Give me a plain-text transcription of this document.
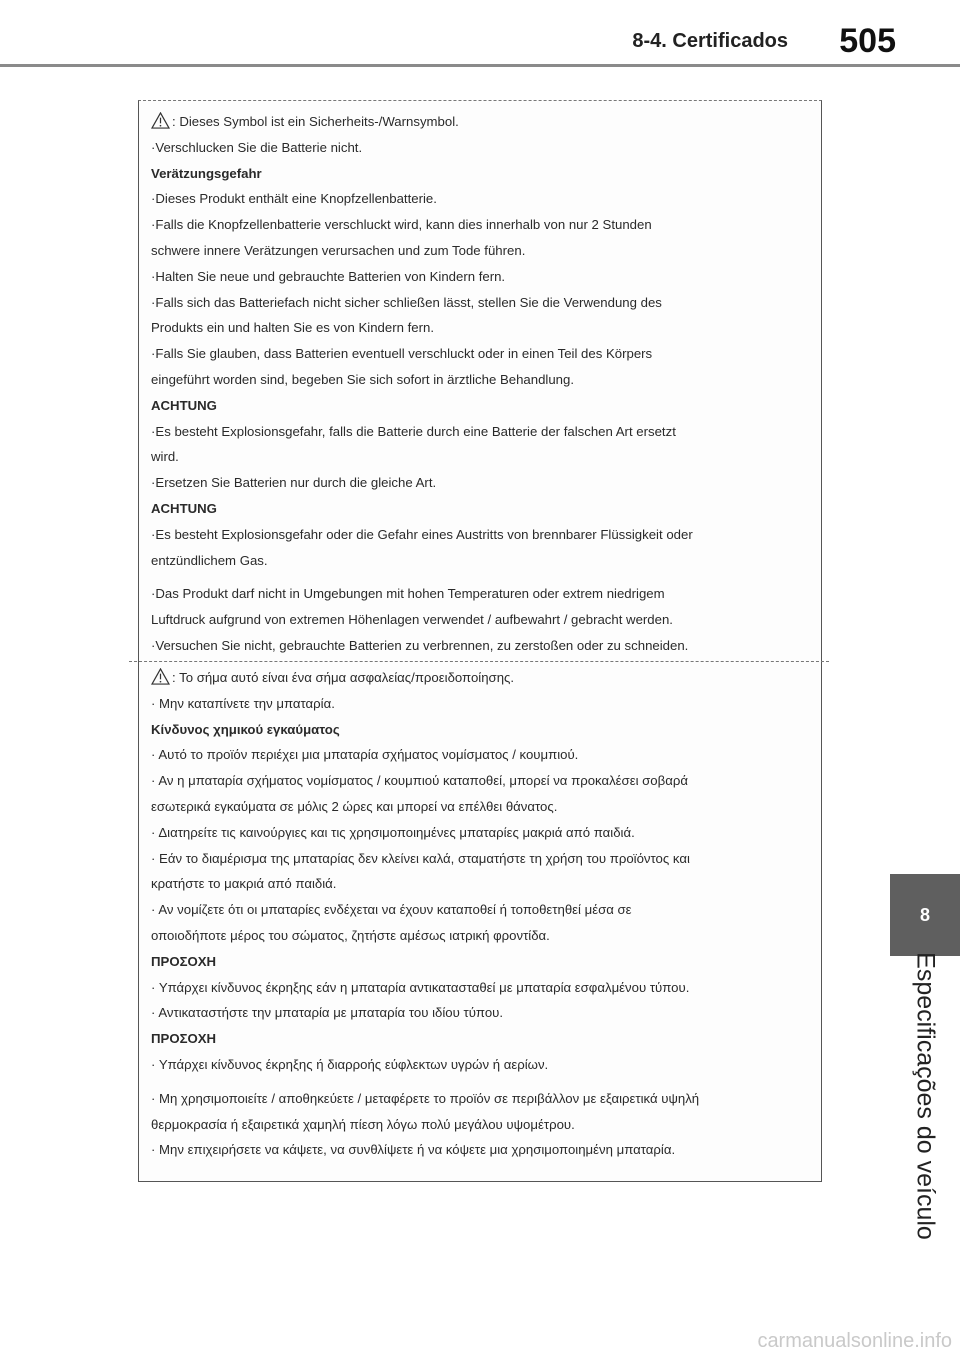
8-4. Certificados 505
8
Especificações do veículo
: Dieses Symbol ist ein Sicherheits-/Warnsymbol.
·Verschlucken Sie die Batterie nicht.
Verätzungsgefahr
·Dieses Produkt enthält eine Knopfzellenbatterie.
·Falls die Knopfzellenbatterie verschluckt wird, kann dies innerhalb von nur 2 Stunden
schwere innere Verätzungen verursachen und zum Tode führen.
·Halten Sie neue und gebrauchte Batterien von Kindern fern.
·Falls sich das Batteriefach nicht sicher schließen lässt, stellen Sie die Verwendung des
Produkts ein und halten Sie es von Kindern fern.
·Falls Sie glauben, dass Batterien eventuell verschluckt oder in einen Teil des Körpers
eingeführt worden sind, begeben Sie sich sofort in ärztliche Behandlung.
ACHTUNG
·Es besteht Explosionsgefahr, falls die Batterie durch eine Batterie der falschen Art ersetzt
wird.
·Ersetzen Sie Batterien nur durch die gleiche Art.
ACHTUNG
·Es besteht Explosionsgefahr oder die Gefahr eines Austritts von brennbarer Flüssigkeit oder
entzündlichem Gas.
·Das Produkt darf nicht in Umgebungen mit hohen Temperaturen oder extrem niedrigem
Luftdruck aufgrund von extremen Höhenlagen verwendet / aufbewahrt / gebracht werden.
·Versuchen Sie nicht, gebrauchte Batterien zu verbrennen, zu zerstoßen oder zu schneiden.
: Το σήμα αυτό είναι ένα σήμα ασφαλείας/προειδοποίησης.
· Μην καταπίνετε την μπαταρία.
Κίνδυνος χημικού εγκαύματος
· Αυτό το προϊόν περιέχει μια μπαταρία σχήματος νομίσματος / κουμπιού.
· Αν η μπαταρία σχήματος νομίσματος / κουμπιού καταποθεί, μπορεί να προκαλέσει σοβαρά
εσωτερικά εγκαύματα σε μόλις 2 ώρες και μπορεί να επέλθει θάνατος.
· Διατηρείτε τις καινούργιες και τις χρησιμοποιημένες μπαταρίες μακριά από παιδιά.
· Εάν το διαμέρισμα της μπαταρίας δεν κλείνει καλά, σταματήστε τη χρήση του προϊόντος και
κρατήστε το μακριά από παιδιά.
· Αν νομίζετε ότι οι μπαταρίες ενδέχεται να έχουν καταποθεί ή τοποθετηθεί μέσα σε
οποιοδήποτε μέρος του σώματος, ζητήστε αμέσως ιατρική φροντίδα.
ΠΡΟΣΟΧΗ
· Υπάρχει κίνδυνος έκρηξης εάν η μπαταρία αντικατασταθεί με μπαταρία εσφαλμένου τύπου.
· Αντικαταστήστε την μπαταρία με μπαταρία του ιδίου τύπου.
ΠΡΟΣΟΧΗ
· Υπάρχει κίνδυνος έκρηξης ή διαρροής εύφλεκτων υγρών ή αερίων.
· Μη χρησιμοποιείτε / αποθηκεύετε / μεταφέρετε το προϊόν σε περιβάλλον με εξαιρετικά υψηλή
θερμοκρασία ή εξαιρετικά χαμηλή πίεση λόγω πολύ μεγάλου υψομέτρου.
· Μην επιχειρήσετε να κάψετε, να συνθλίψετε ή να κόψετε μια χρησιμοποιημένη μπαταρία.
carmanualsonline.info
